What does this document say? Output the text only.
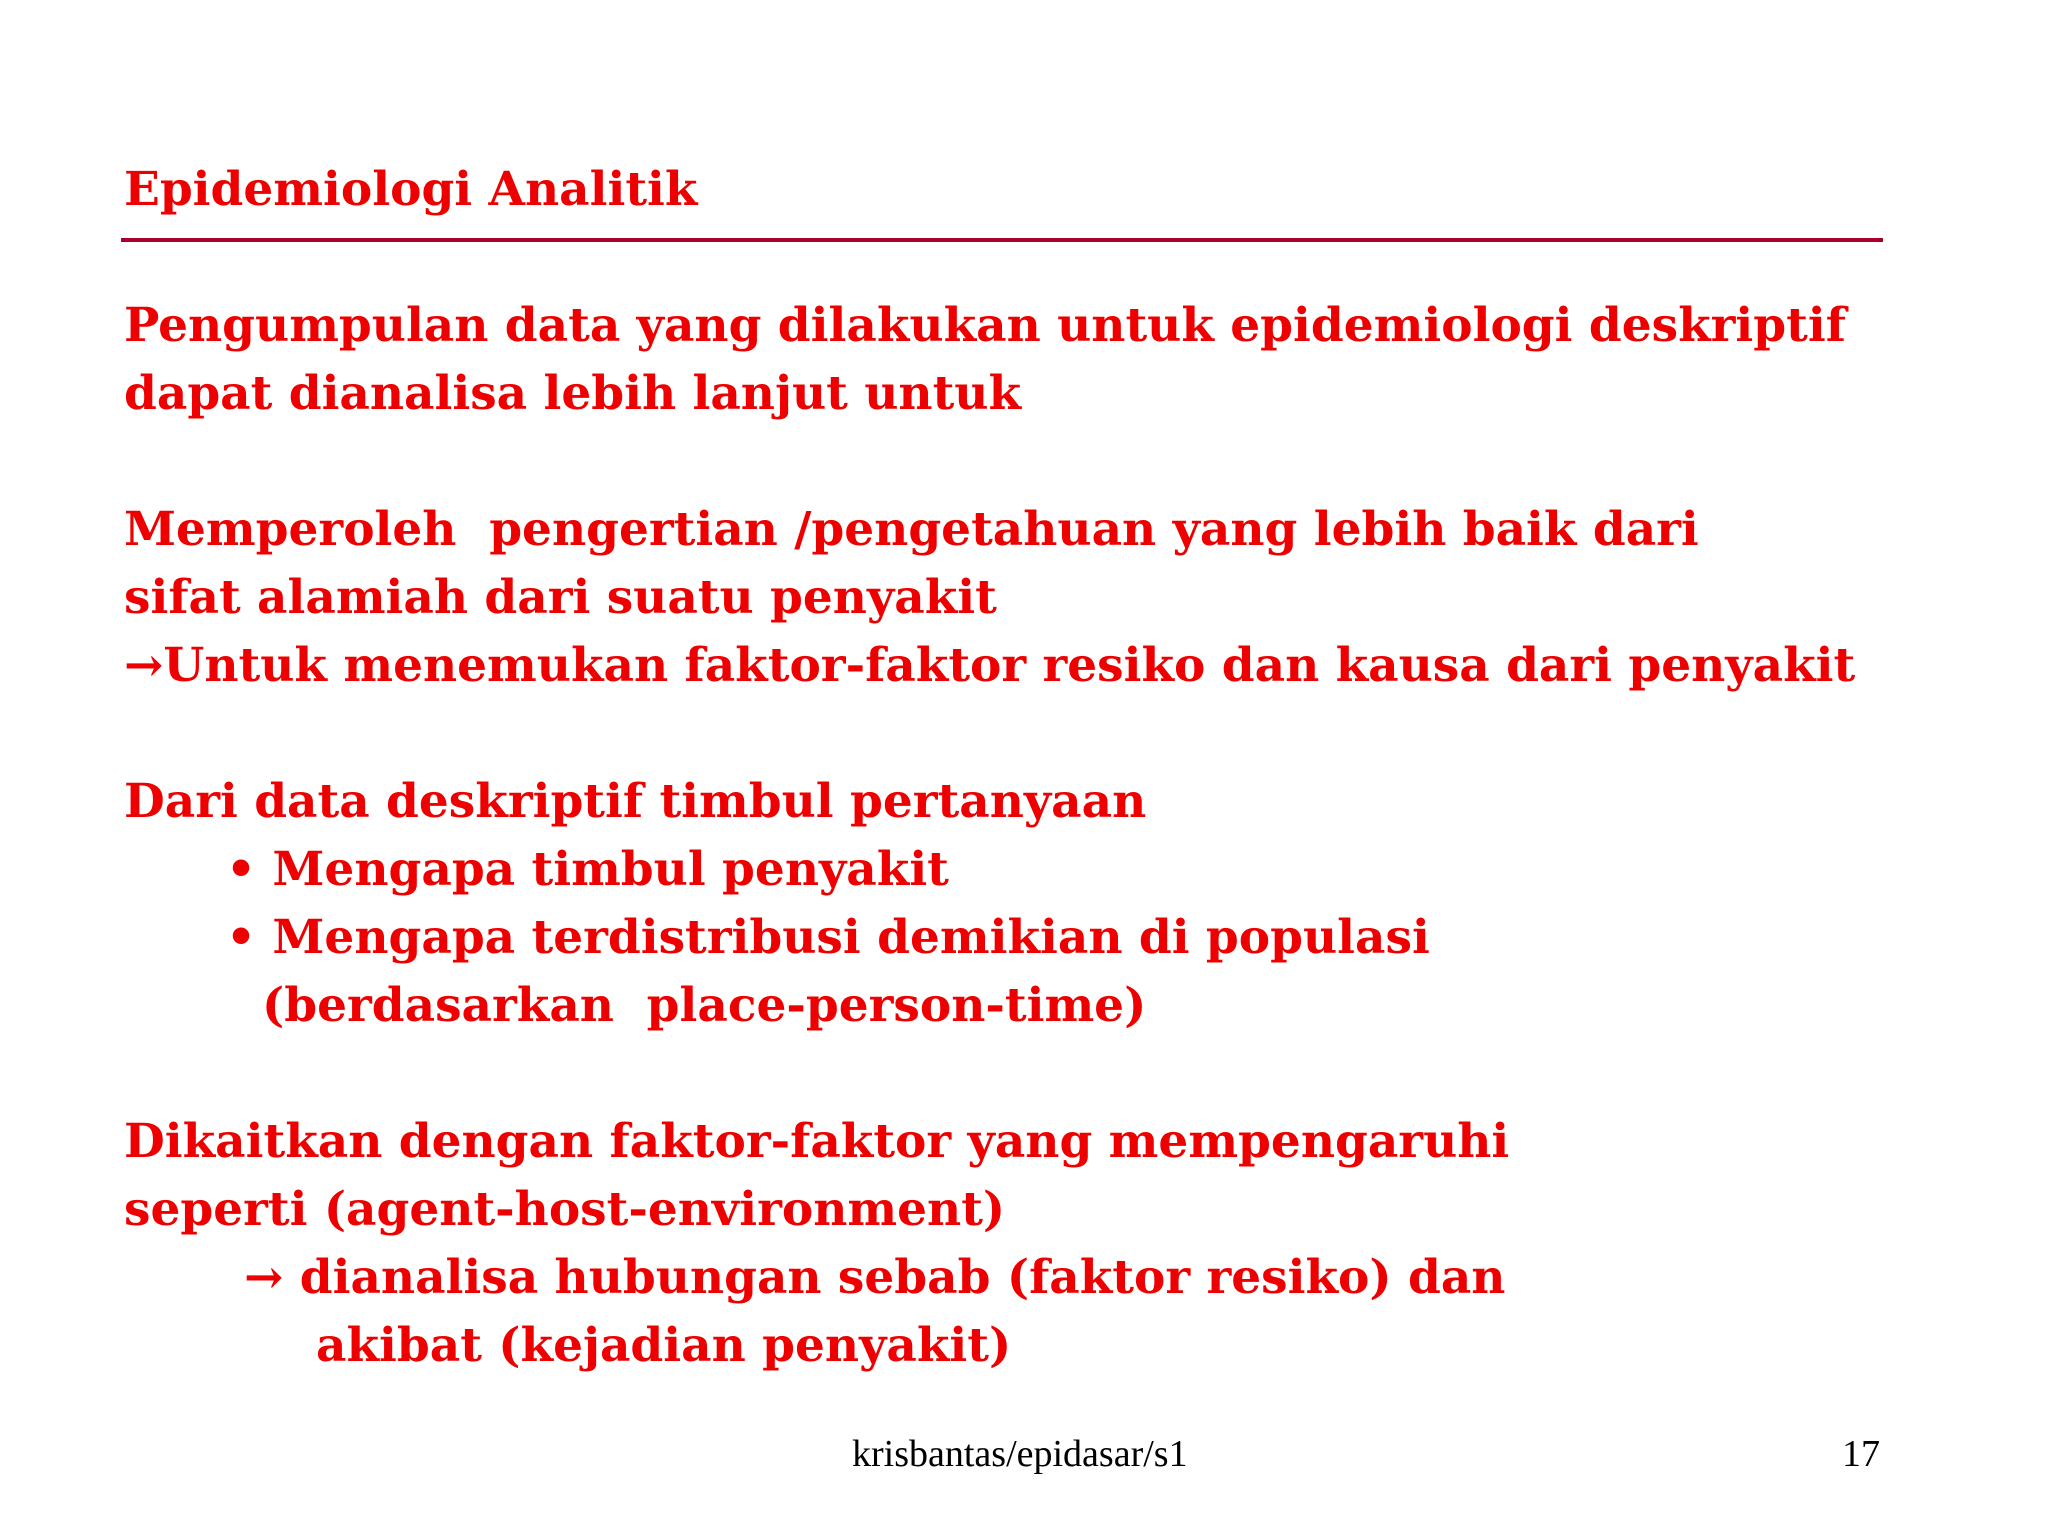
Epidemiologi Analitik
Pengumpulan data yang dilakukan untuk epidemiologi deskriptif
dapat dianalisa lebih lanjut untuk
Memperoleh  pengertian /pengetahuan yang lebih baik dari
sifat alamiah dari suatu penyakit
→Untuk menemukan faktor-faktor resiko dan kausa dari penyakit
Dari data deskriptif timbul pertanyaan
• Mengapa timbul penyakit
• Mengapa terdistribusi demikian di populasi
(berdasarkan  place-person-time)
Dikaitkan dengan faktor-faktor yang mempengaruhi
seperti (agent-host-environment)
→ dianalisa hubungan sebab (faktor resiko) dan
akibat (kejadian penyakit)
krisbantas/epidasar/s1	17
